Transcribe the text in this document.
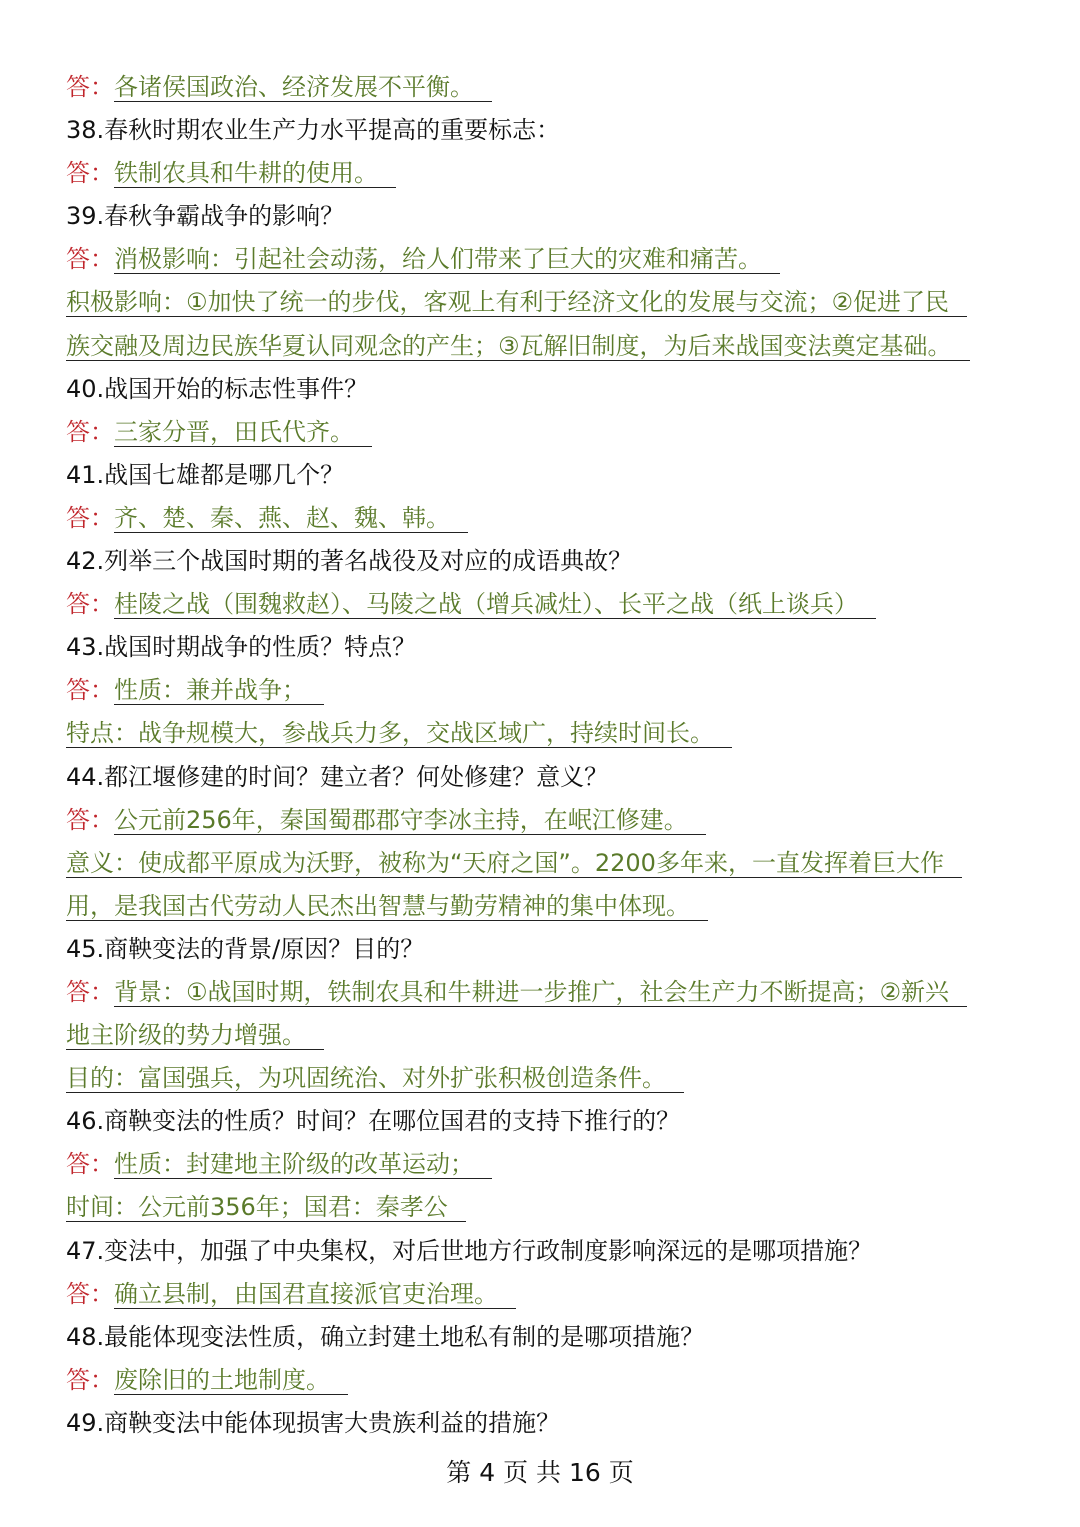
答：各诸侯国政治、经济发展不平衡。
38.春秋时期农业生产力水平提高的重要标志：
答：铁制农具和牛耕的使用。
39.春秋争霸战争的影响？
答：消极影响：引起社会动荡，给人们带来了巨大的灾难和痛苦。
积极影响：①加快了统一的步伐，客观上有利于经济文化的发展与交流；②促进了民
族交融及周边民族华夏认同观念的产生；③瓦解旧制度，为后来战国变法奠定基础。
40.战国开始的标志性事件？
答：三家分晋，田氏代齐。
41.战国七雄都是哪几个？
答：齐、楚、秦、燕、赵、魏、韩。
42.列举三个战国时期的著名战役及对应的成语典故？
答：桂陵之战（围魏救赵）、马陵之战（增兵减灶）、长平之战（纸上谈兵）
43.战国时期战争的性质？特点？
答：性质：兼并战争；
特点：战争规模大，参战兵力多，交战区域广，持续时间长。
44.都江堰修建的时间？建立者？何处修建？意义？
答：公元前256年，秦国蜀郡郡守李冰主持，在岷江修建。
意义：使成都平原成为沃野，被称为“天府之国”。2200多年来，一直发挥着巨大作
用，是我国古代劳动人民杰出智慧与勤劳精神的集中体现。
45.商鞅变法的背景/原因？目的？
答：背景：①战国时期，铁制农具和牛耕进一步推广，社会生产力不断提高；②新兴
地主阶级的势力增强。
目的：富国强兵，为巩固统治、对外扩张积极创造条件。
46.商鞅变法的性质？时间？在哪位国君的支持下推行的？
答：性质：封建地主阶级的改革运动；
时间：公元前356年；国君：秦孝公
47.变法中，加强了中央集权，对后世地方行政制度影响深远的是哪项措施？
答：确立县制，由国君直接派官吏治理。
48.最能体现变法性质，确立封建土地私有制的是哪项措施？
答：废除旧的土地制度。
49.商鞅变法中能体现损害大贵族利益的措施？
第 4 页 共 16 页
